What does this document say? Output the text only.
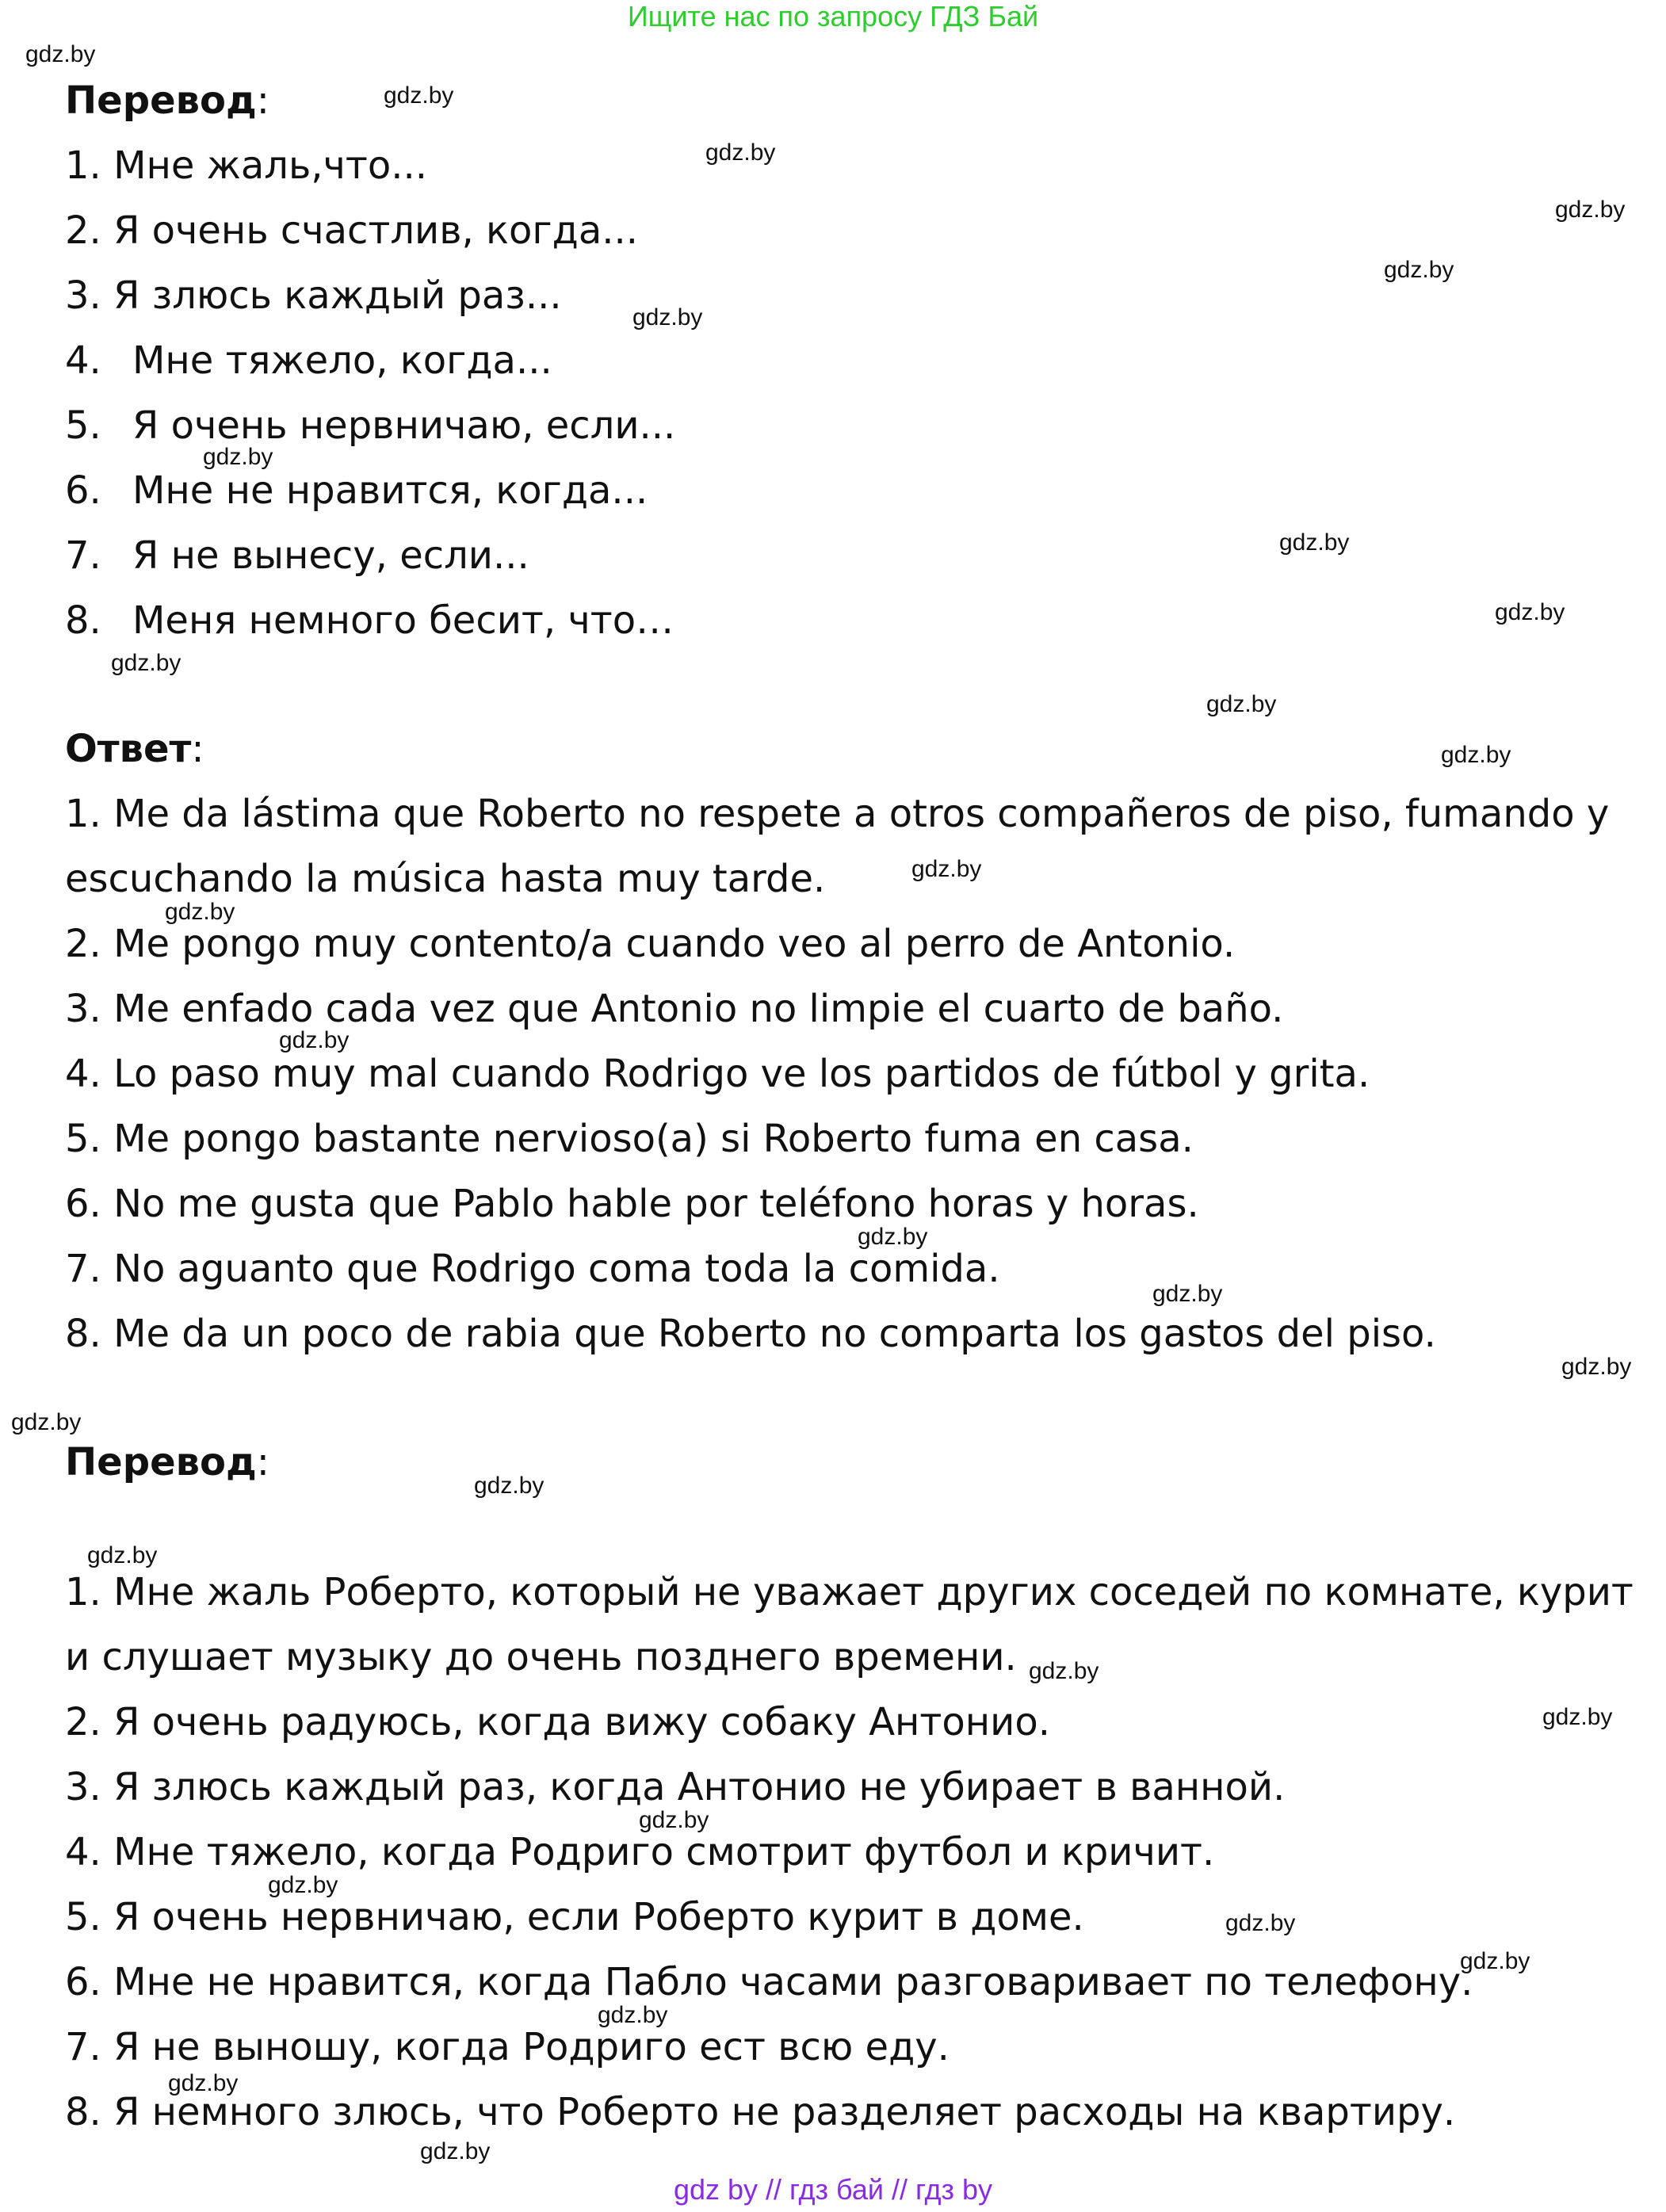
Ищите нас по запросу ГДЗ Бай
Перевод:
1. Мне жаль,что...
2. Я очень счастлив, когда...
3. Я злюсь каждый раз...
4. Мне тяжело, когда...
5. Я очень нервничаю, если...
6. Мне не нравится, когда...
7. Я не вынесу, если...
8. Меня немного бесит, что…
Ответ:
1. Me da lástima que Roberto no respete a otros compañeros de piso, fumando y escuchando la música hasta muy tarde.
2. Me pongo muy contento/a cuando veo al perro de Antonio.
3. Me enfado cada vez que Antonio no limpie el cuarto de baño.
4. Lo paso muy mal cuando Rodrigo ve los partidos de fútbol y grita.
5. Me pongo bastante nervioso(a) si Roberto fuma en casa.
6. No me gusta que Pablo hable por teléfono horas y horas.
7. No aguanto que Rodrigo coma toda la comida.
8. Me da un poco de rabia que Roberto no comparta los gastos del piso.
Перевод:
1. Мне жаль Роберто, который не уважает других соседей по комнате, курит и слушает музыку до очень позднего времени.
2. Я очень радуюсь, когда вижу собаку Антонио.
3. Я злюсь каждый раз, когда Антонио не убирает в ванной.
4. Мне тяжело, когда Родриго смотрит футбол и кричит.
5. Я очень нервничаю, если Роберто курит в доме.
6. Мне не нравится, когда Пабло часами разговаривает по телефону.
7. Я не выношу, когда Родриго ест всю еду.
8. Я немного злюсь, что Роберто не разделяет расходы на квартиру.
gdz.by
gdz.by
gdz.by
gdz.by
gdz.by
gdz.by
gdz.by
gdz.by
gdz.by
gdz.by
gdz.by
gdz.by
gdz.by
gdz.by
gdz.by
gdz.by
gdz.by
gdz.by
gdz.by
gdz.by
gdz.by
gdz.by
gdz.by
gdz.by
gdz.by
gdz.by
gdz.by
gdz.by
gdz.by
gdz.by
gdz by // гдз бай // гдз by
